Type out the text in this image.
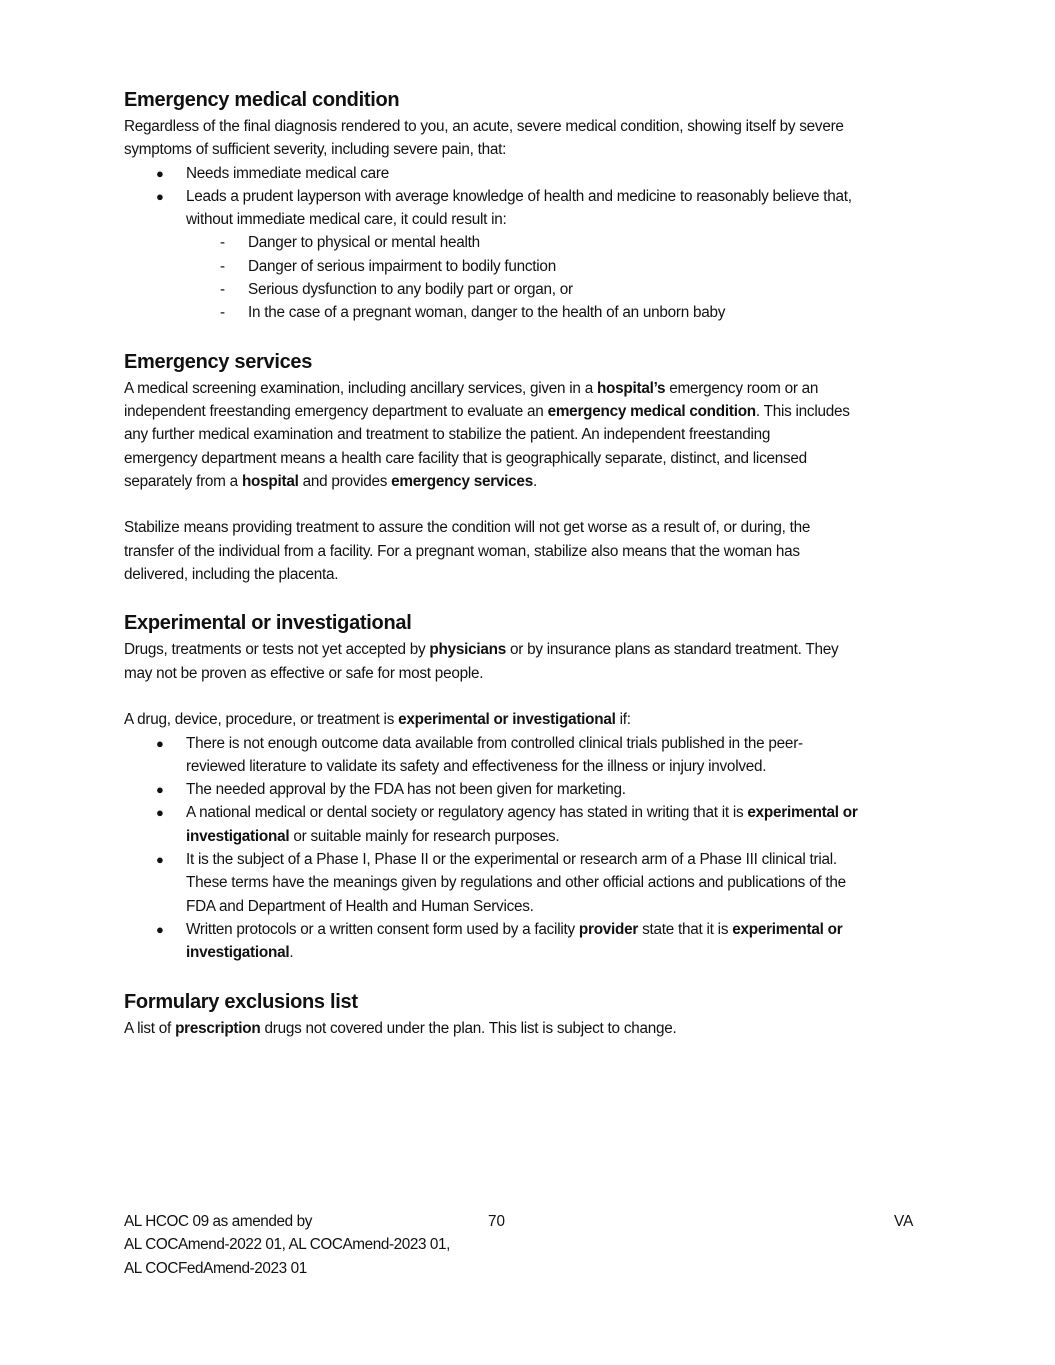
Emergency medical condition
Regardless of the final diagnosis rendered to you, an acute, severe medical condition, showing itself by severe
symptoms of sufficient severity, including severe pain, that:
● Needs immediate medical care
● Leads a prudent layperson with average knowledge of health and medicine to reasonably believe that,
without immediate medical care, it could result in:
- Danger to physical or mental health
- Danger of serious impairment to bodily function
- Serious dysfunction to any bodily part or organ, or
- In the case of a pregnant woman, danger to the health of an unborn baby
Emergency services
A medical screening examination, including ancillary services, given in a hospital’s emergency room or an
independent freestanding emergency department to evaluate an emergency medical condition. This includes
any further medical examination and treatment to stabilize the patient. An independent freestanding
emergency department means a health care facility that is geographically separate, distinct, and licensed
separately from a hospital and provides emergency services.
Stabilize means providing treatment to assure the condition will not get worse as a result of, or during, the
transfer of the individual from a facility. For a pregnant woman, stabilize also means that the woman has
delivered, including the placenta.
Experimental or investigational
Drugs, treatments or tests not yet accepted by physicians or by insurance plans as standard treatment. They
may not be proven as effective or safe for most people.
A drug, device, procedure, or treatment is experimental or investigational if:
● There is not enough outcome data available from controlled clinical trials published in the peer-
reviewed literature to validate its safety and effectiveness for the illness or injury involved.
● The needed approval by the FDA has not been given for marketing.
● A national medical or dental society or regulatory agency has stated in writing that it is experimental or
investigational or suitable mainly for research purposes.
● It is the subject of a Phase I, Phase II or the experimental or research arm of a Phase III clinical trial.
These terms have the meanings given by regulations and other official actions and publications of the
FDA and Department of Health and Human Services.
● Written protocols or a written consent form used by a facility provider state that it is experimental or
investigational.
Formulary exclusions list
A list of prescription drugs not covered under the plan. This list is subject to change.
AL HCOC 09 as amended by
AL COCAmend-2022 01, AL COCAmend-2023 01,
AL COCFedAmend-2023 01
70	VA
